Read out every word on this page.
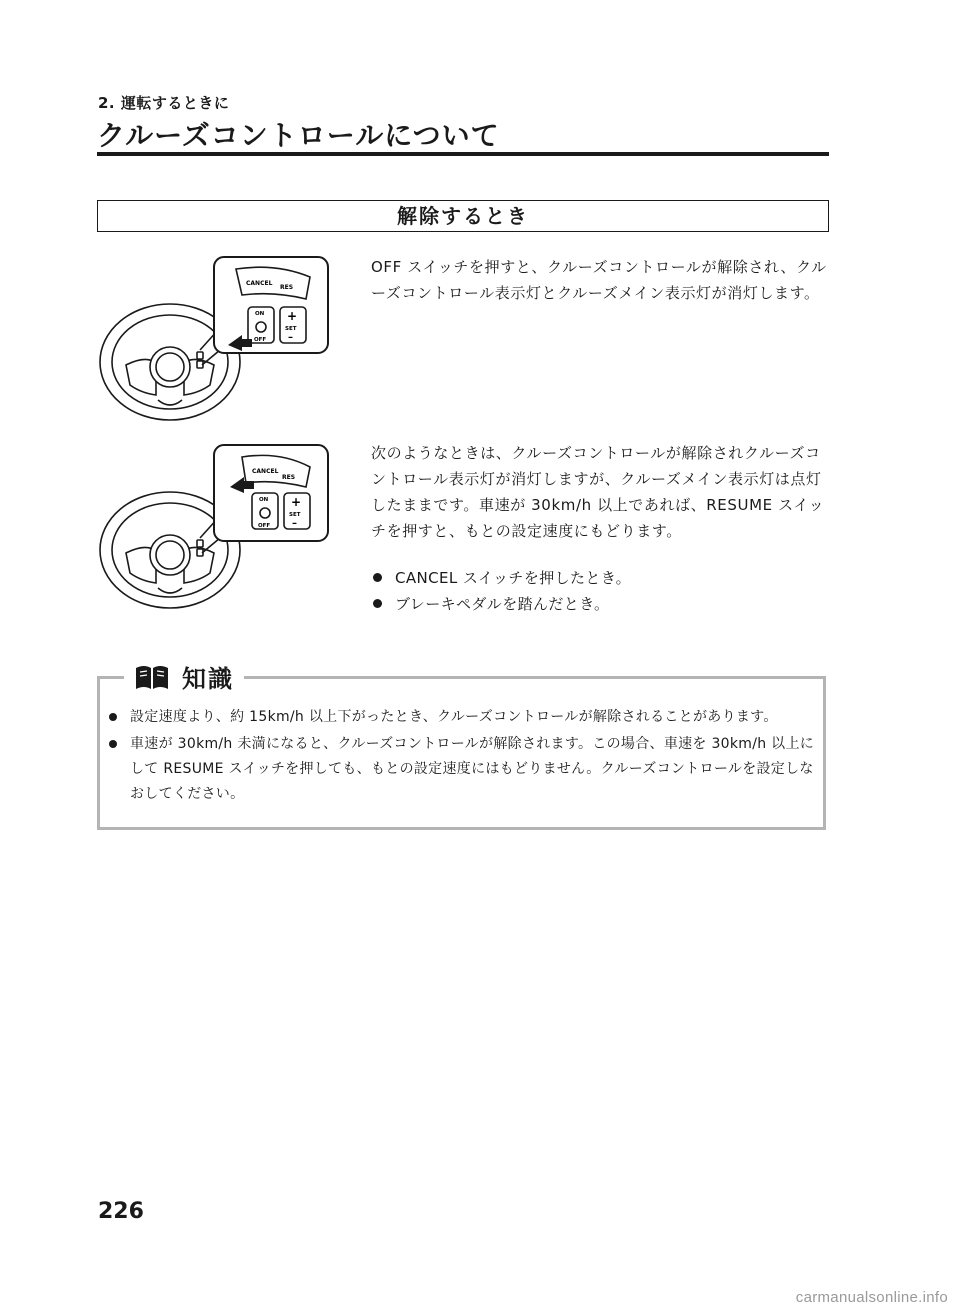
2. 運転するときに
クルーズコントロールについて
解除するとき
CANCEL
RES
ON
OFF
+
SET
–
CANCEL
RES
ON
OFF
+
SET
–
OFF スイッチを押すと、クルーズコントロールが解除され、クルーズコントロール表示灯とクルーズメイン表示灯が消灯します。
次のようなときは、クルーズコントロールが解除されクルーズコントロール表示灯が消灯しますが、クルーズメイン表示灯は点灯したままです。車速が 30km/h 以上であれば、RESUME スイッチを押すと、もとの設定速度にもどります。
CANCEL スイッチを押したとき。
ブレーキペダルを踏んだとき。
知識
設定速度より、約 15km/h 以上下がったとき、クルーズコントロールが解除されることがあります。
車速が 30km/h 未満になると、クルーズコントロールが解除されます。この場合、車速を 30km/h 以上にして RESUME スイッチを押しても、もとの設定速度にはもどりません。クルーズコントロールを設定しなおしてください。
226
carmanualsonline.info
